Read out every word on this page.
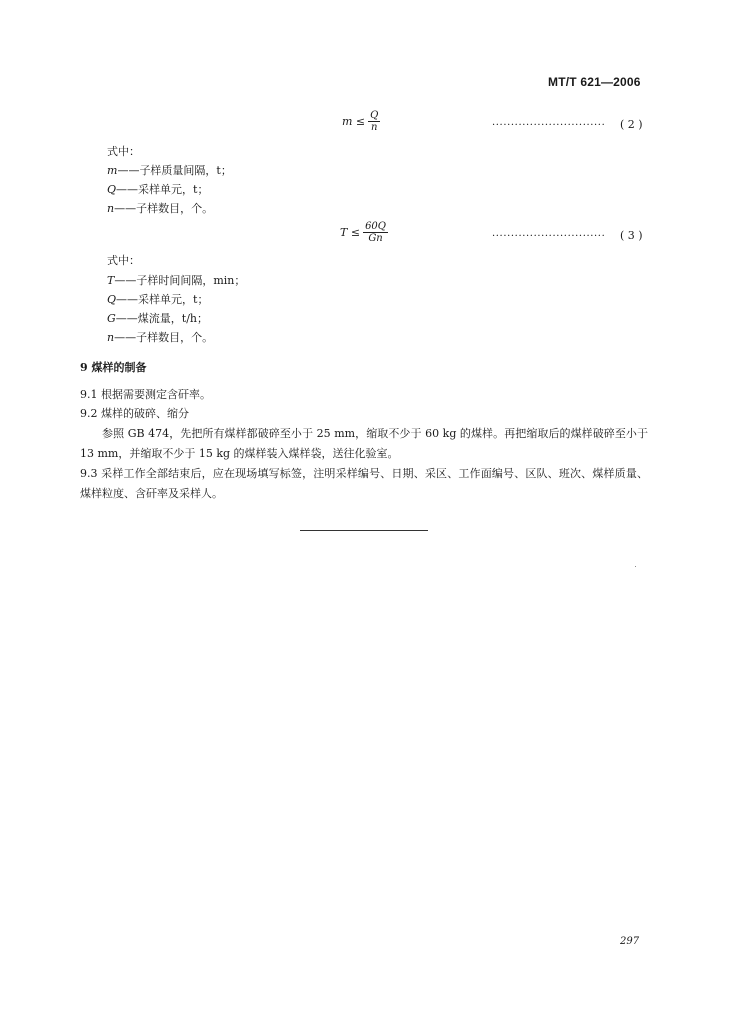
MT/T 621—2006
$m \le \frac{Q}{n}$	······························ ( 2 )
式中：
m——子样质量间隔，t；
Q——采样单元，t；
n——子样数目，个。
$T \le \frac{60Q}{Gn}$	······························ ( 3 )
式中：
T——子样时间间隔，min；
Q——采样单元，t；
G——煤流量，t/h；
n——子样数目，个。
9 煤样的制备
9.1 根据需要测定含矸率。
9.2 煤样的破碎、缩分
参照 GB 474，先把所有煤样都破碎至小于 25 mm，缩取不少于 60 kg 的煤样。再把缩取后的煤样破碎至小于 13 mm，并缩取不少于 15 kg 的煤样装入煤样袋，送往化验室。
9.3 采样工作全部结束后，应在现场填写标签，注明采样编号、日期、采区、工作面编号、区队、班次、煤样质量、煤样粒度、含矸率及采样人。
297
